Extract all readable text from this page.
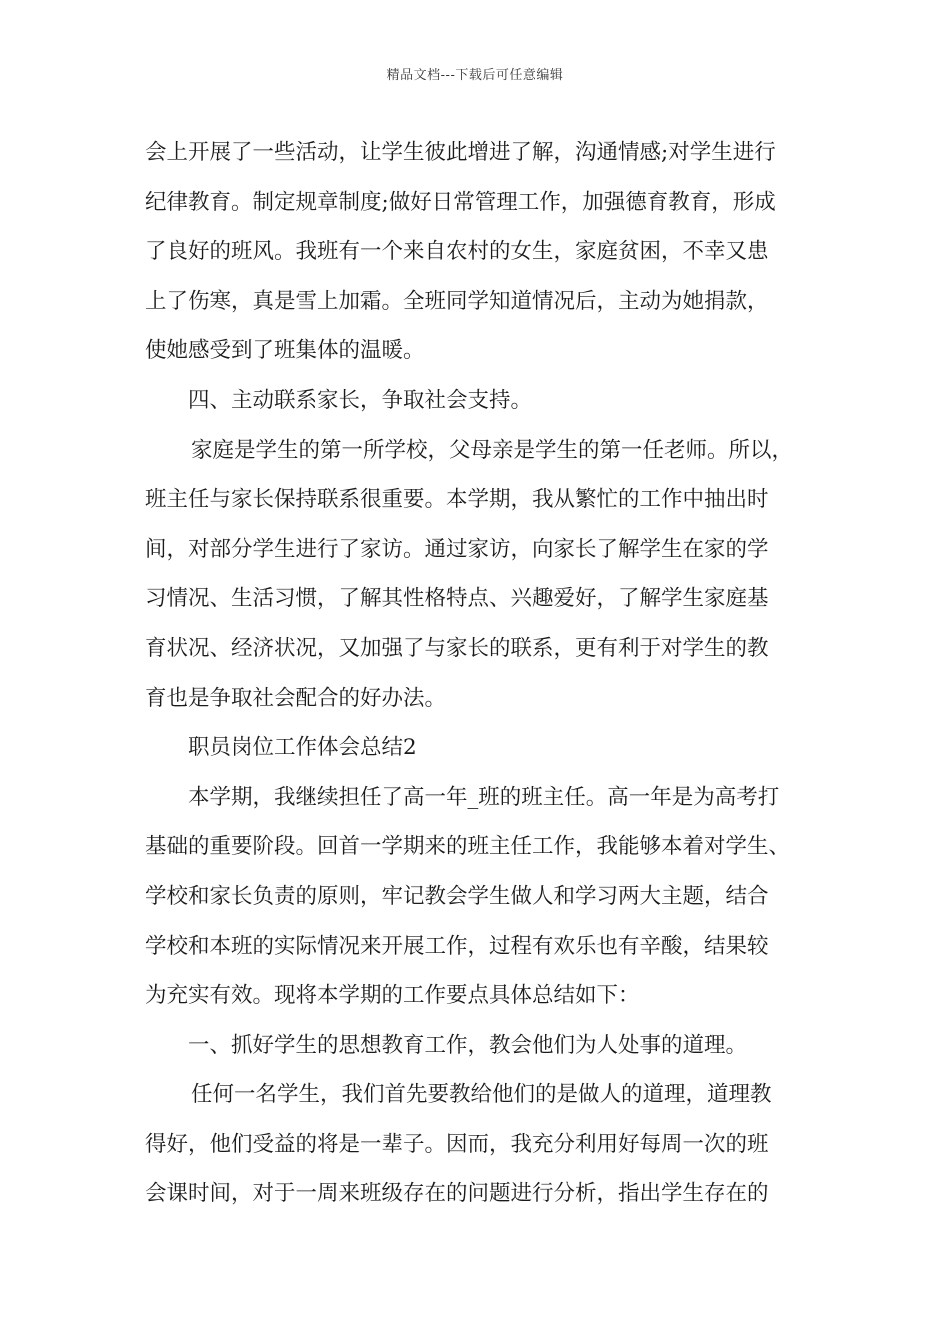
精品文档---下载后可任意编辑
会上开展了一些活动，让学生彼此增进了解，沟通情感;对学生进行
纪律教育。制定规章制度;做好日常管理工作，加强德育教育，形成
了良好的班风。我班有一个来自农村的女生，家庭贫困，不幸又患
上了伤寒，真是雪上加霜。全班同学知道情况后，主动为她捐款，
使她感受到了班集体的温暖。
四、主动联系家长，争取社会支持。
家庭是学生的第一所学校，父母亲是学生的第一任老师。所以，
班主任与家长保持联系很重要。本学期，我从繁忙的工作中抽出时
间，对部分学生进行了家访。通过家访，向家长了解学生在家的学
习情况、生活习惯，了解其性格特点、兴趣爱好，了解学生家庭基
育状况、经济状况，又加强了与家长的联系，更有利于对学生的教
育也是争取社会配合的好办法。
职员岗位工作体会总结2
本学期，我继续担任了高一年_班的班主任。高一年是为高考打
基础的重要阶段。回首一学期来的班主任工作，我能够本着对学生、
学校和家长负责的原则，牢记教会学生做人和学习两大主题，结合
学校和本班的实际情况来开展工作，过程有欢乐也有辛酸，结果较
为充实有效。现将本学期的工作要点具体总结如下：
一、抓好学生的思想教育工作，教会他们为人处事的道理。
任何一名学生，我们首先要教给他们的是做人的道理，道理教
得好，他们受益的将是一辈子。因而，我充分利用好每周一次的班
会课时间，对于一周来班级存在的问题进行分析，指出学生存在的
